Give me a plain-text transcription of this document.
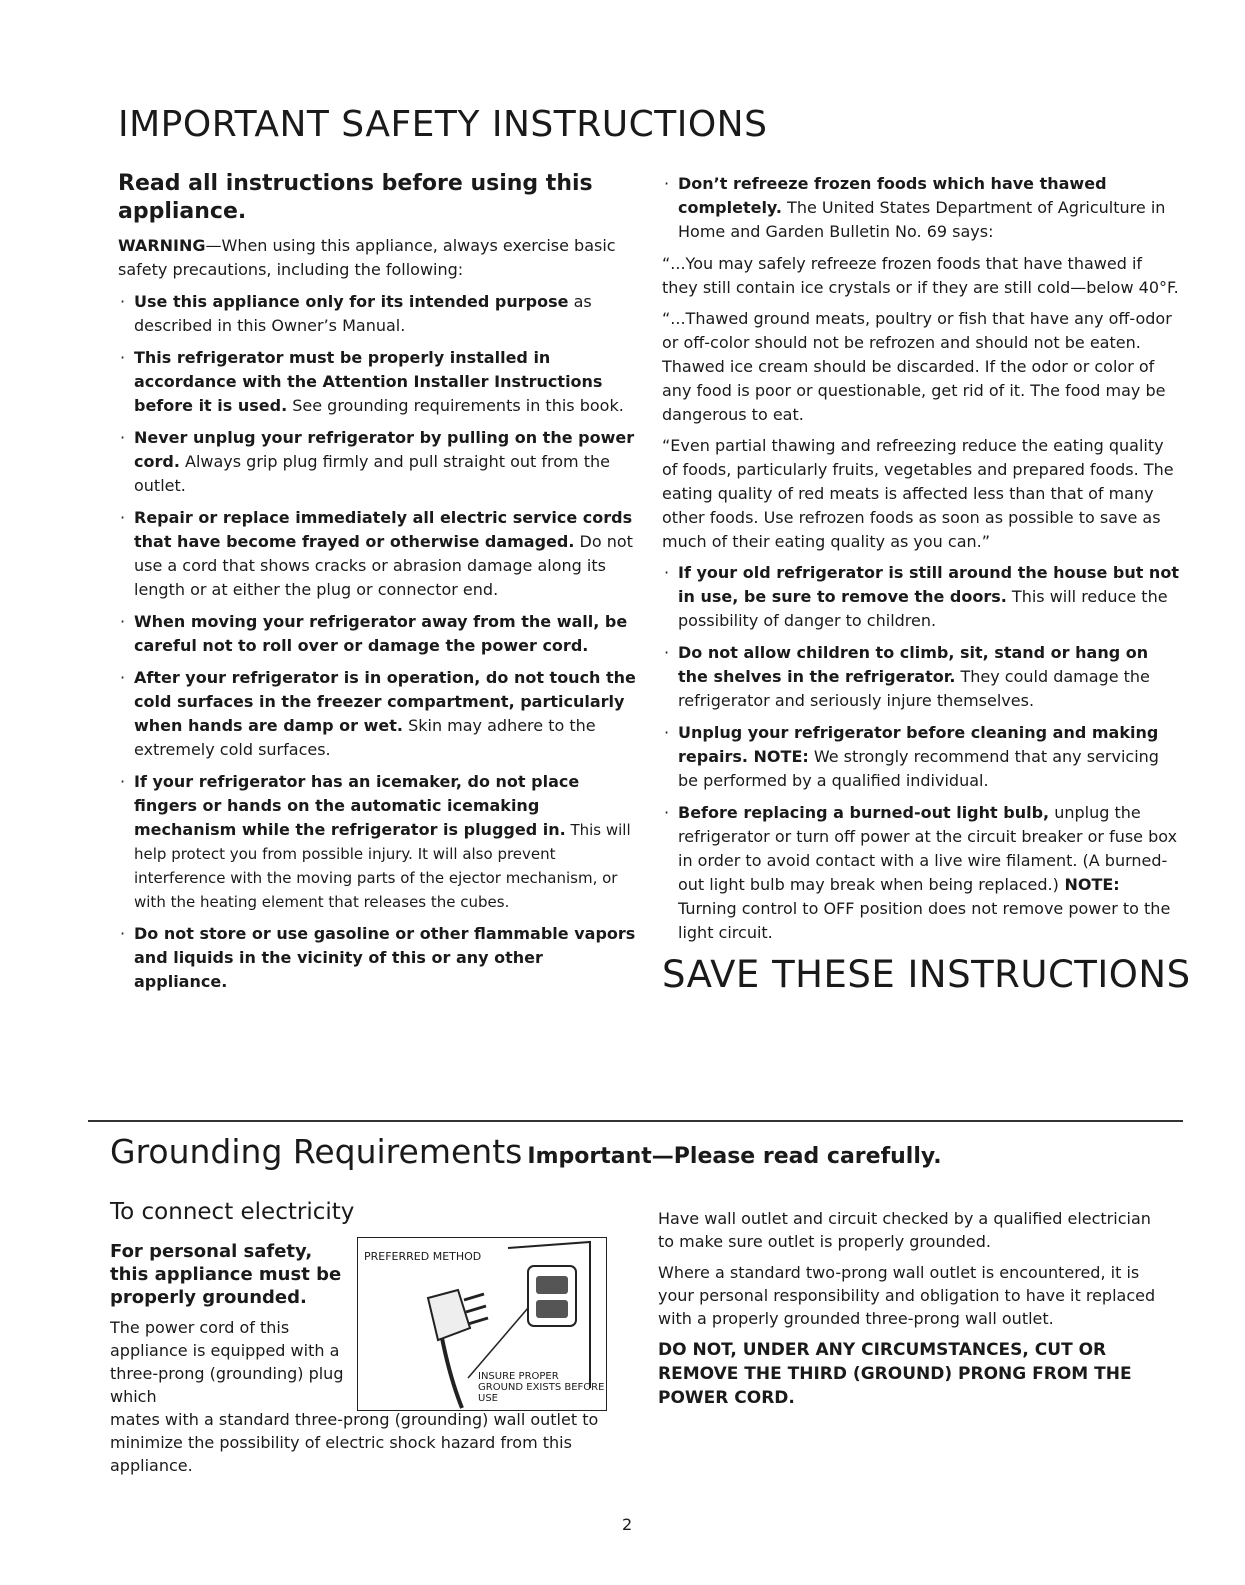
IMPORTANT SAFETY INSTRUCTIONS
Read all instructions before using this appliance.

WARNING—When using this appliance, always exercise basic safety precautions, including the following:

· Use this appliance only for its intended purpose as described in this Owner’s Manual.
· This refrigerator must be properly installed in accordance with the Attention Installer Instructions before it is used. See grounding requirements in this book.
· Never unplug your refrigerator by pulling on the power cord. Always grip plug firmly and pull straight out from the outlet.
· Repair or replace immediately all electric service cords that have become frayed or otherwise damaged. Do not use a cord that shows cracks or abrasion damage along its length or at either the plug or connector end.
· When moving your refrigerator away from the wall, be careful not to roll over or damage the power cord.
· After your refrigerator is in operation, do not touch the cold surfaces in the freezer compartment, particularly when hands are damp or wet. Skin may adhere to the extremely cold surfaces.
· If your refrigerator has an icemaker, do not place fingers or hands on the automatic icemaking mechanism while the refrigerator is plugged in. This will help protect you from possible injury. It will also prevent interference with the moving parts of the ejector mechanism, or with the heating element that releases the cubes.
· Do not store or use gasoline or other flammable vapors and liquids in the vicinity of this or any other appliance.
· Don’t refreeze frozen foods which have thawed completely. The United States Department of Agriculture in Home and Garden Bulletin No. 69 says:

“...You may safely refreeze frozen foods that have thawed if they still contain ice crystals or if they are still cold—below 40°F.

“...Thawed ground meats, poultry or fish that have any off-odor or off-color should not be refrozen and should not be eaten. Thawed ice cream should be discarded. If the odor or color of any food is poor or questionable, get rid of it. The food may be dangerous to eat.

“Even partial thawing and refreezing reduce the eating quality of foods, particularly fruits, vegetables and prepared foods. The eating quality of red meats is affected less than that of many other foods. Use refrozen foods as soon as possible to save as much of their eating quality as you can.”

· If your old refrigerator is still around the house but not in use, be sure to remove the doors. This will reduce the possibility of danger to children.
· Do not allow children to climb, sit, stand or hang on the shelves in the refrigerator. They could damage the refrigerator and seriously injure themselves.
· Unplug your refrigerator before cleaning and making repairs. NOTE: We strongly recommend that any servicing be performed by a qualified individual.
· Before replacing a burned-out light bulb, unplug the refrigerator or turn off power at the circuit breaker or fuse box in order to avoid contact with a live wire filament. (A burned-out light bulb may break when being replaced.) NOTE: Turning control to OFF position does not remove power to the light circuit.
SAVE THESE INSTRUCTIONS
Grounding Requirements Important—Please read carefully.
To connect electricity
For personal safety, this appliance must be properly grounded.
The power cord of this appliance is equipped with a three-prong (grounding) plug which
mates with a standard three-prong (grounding) wall outlet to minimize the possibility of electric shock hazard from this appliance.
PREFERRED METHOD
INSURE PROPER GROUND EXISTS BEFORE USE

Have wall outlet and circuit checked by a qualified electrician to make sure outlet is properly grounded.

Where a standard two-prong wall outlet is encountered, it is your personal responsibility and obligation to have it replaced with a properly grounded three-prong wall outlet.

DO NOT, UNDER ANY CIRCUMSTANCES, CUT OR REMOVE THE THIRD (GROUND) PRONG FROM THE POWER CORD.

2
